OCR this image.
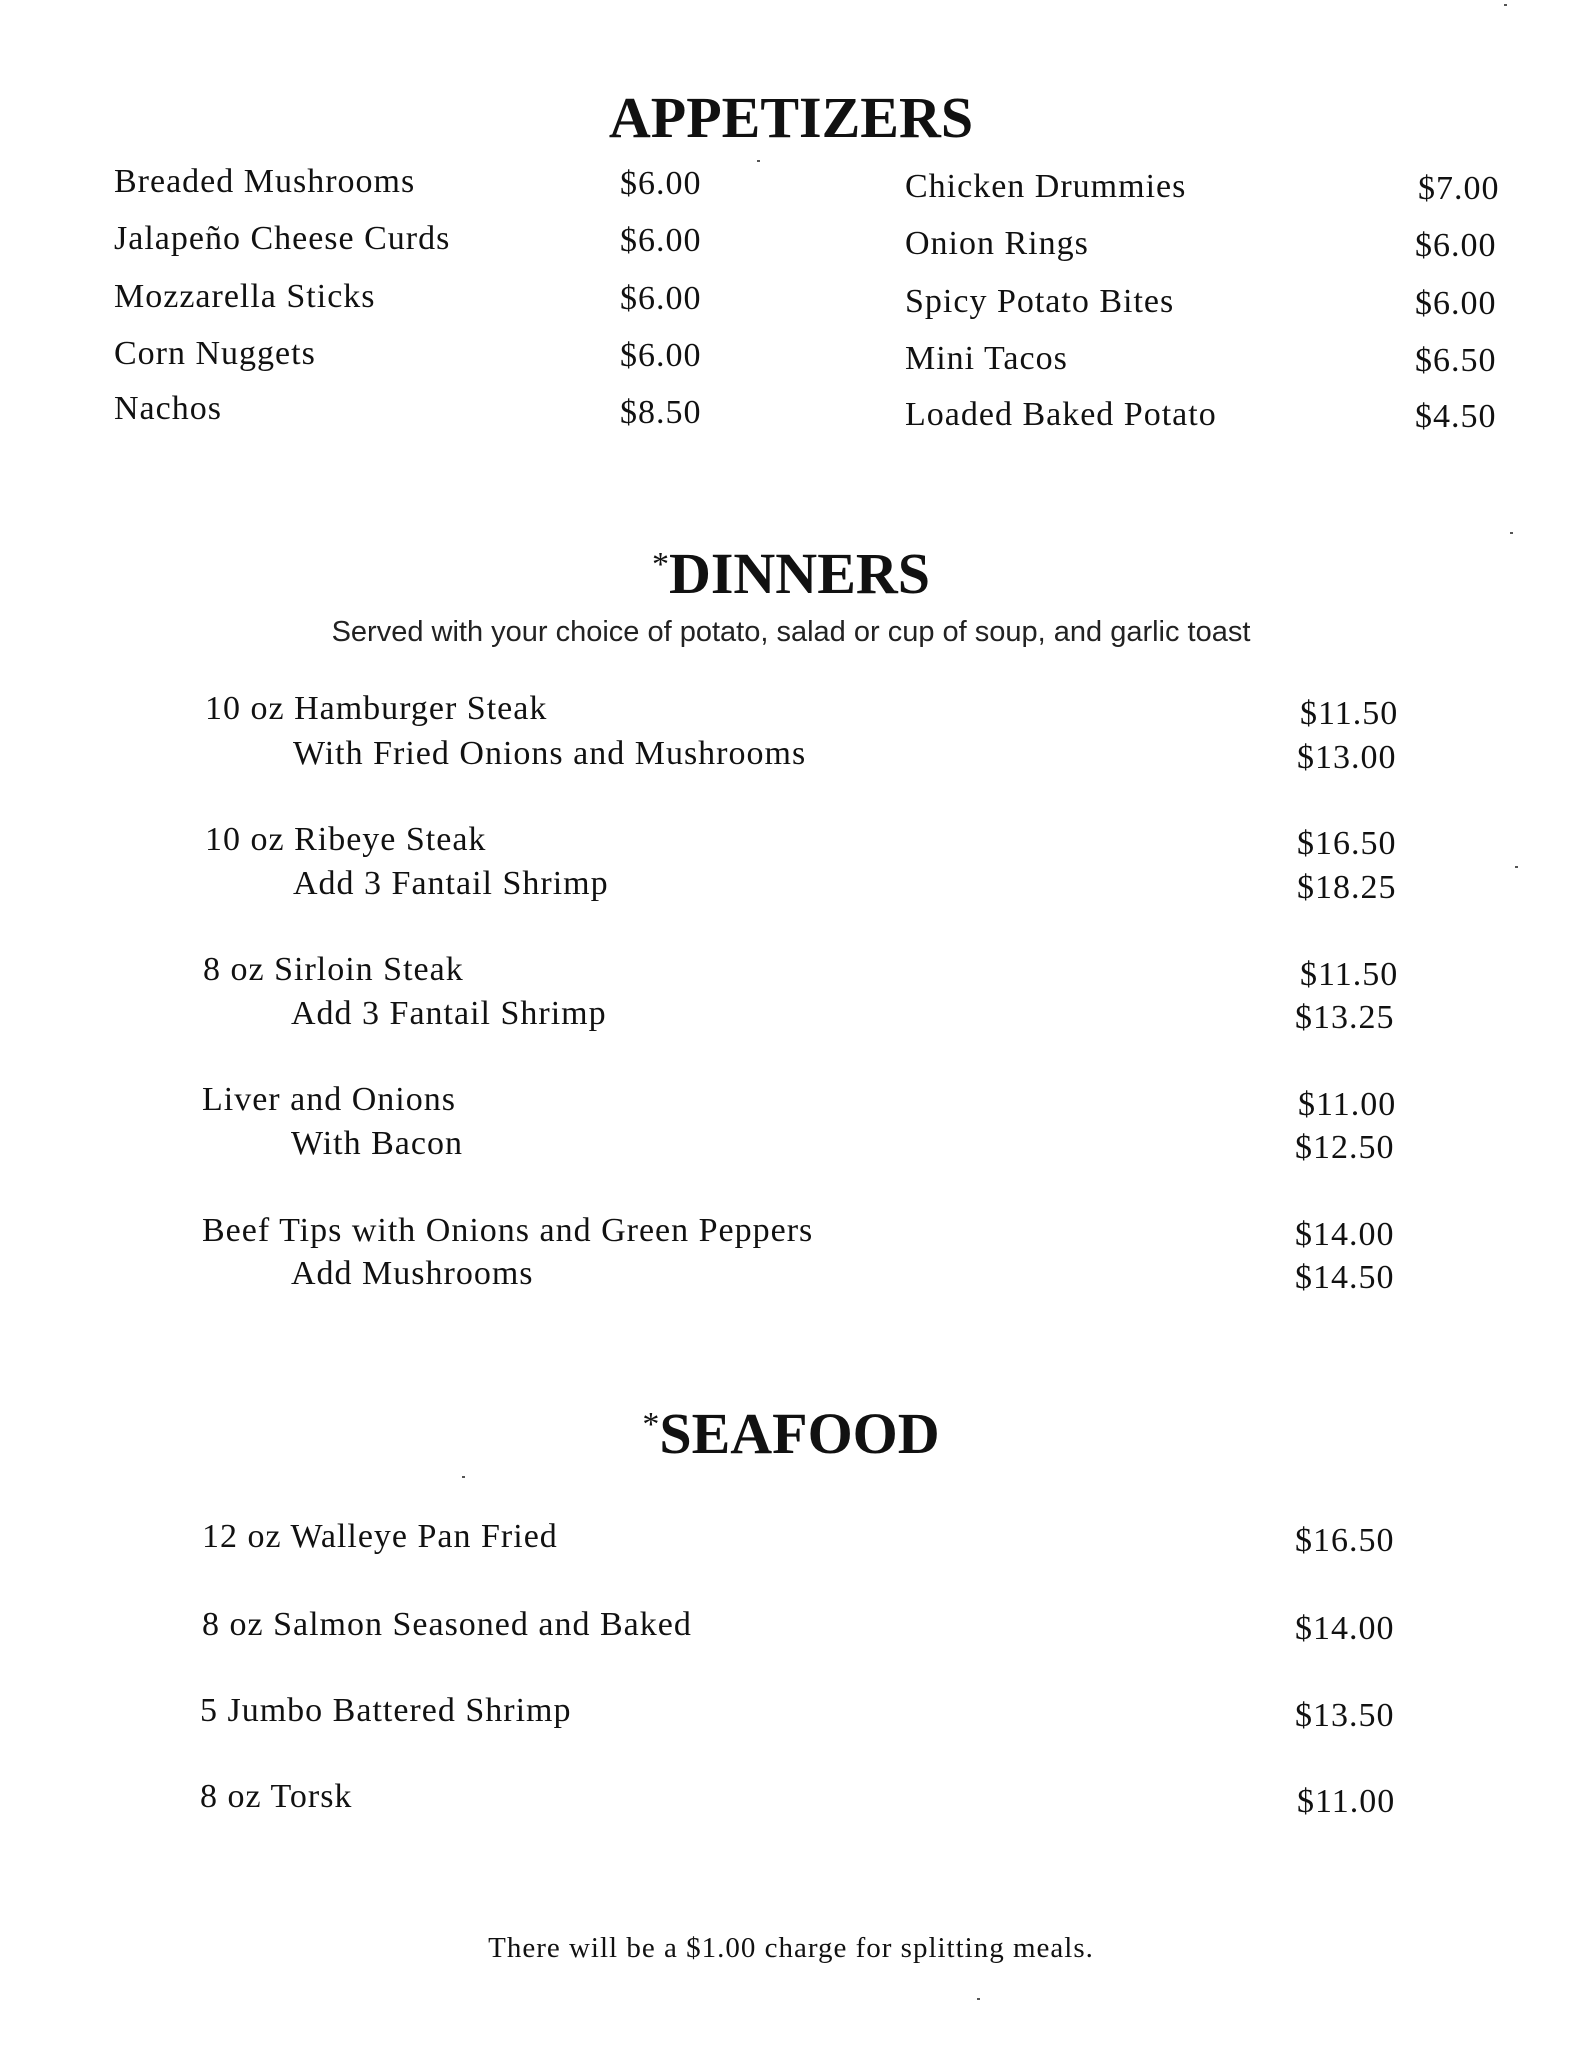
APPETIZERS
Breaded Mushrooms	$6.00
Jalapeño Cheese Curds	$6.00
Mozzarella Sticks	$6.00
Corn Nuggets	$6.00
Nachos	$8.50
Chicken Drummies	$7.00
Onion Rings	$6.00
Spicy Potato Bites	$6.00
Mini Tacos	$6.50
Loaded Baked Potato	$4.50
*DINNERS
Served with your choice of potato, salad or cup of soup, and garlic toast
10 oz Hamburger Steak	$11.50
With Fried Onions and Mushrooms	$13.00
10 oz Ribeye Steak	$16.50
Add 3 Fantail Shrimp	$18.25
8 oz Sirloin Steak	$11.50
Add 3 Fantail Shrimp	$13.25
Liver and Onions	$11.00
With Bacon	$12.50
Beef Tips with Onions and Green Peppers	$14.00
Add Mushrooms	$14.50
*SEAFOOD
12 oz Walleye Pan Fried	$16.50
8 oz Salmon Seasoned and Baked	$14.00
5 Jumbo Battered Shrimp	$13.50
8 oz Torsk	$11.00
There will be a $1.00 charge for splitting meals.
